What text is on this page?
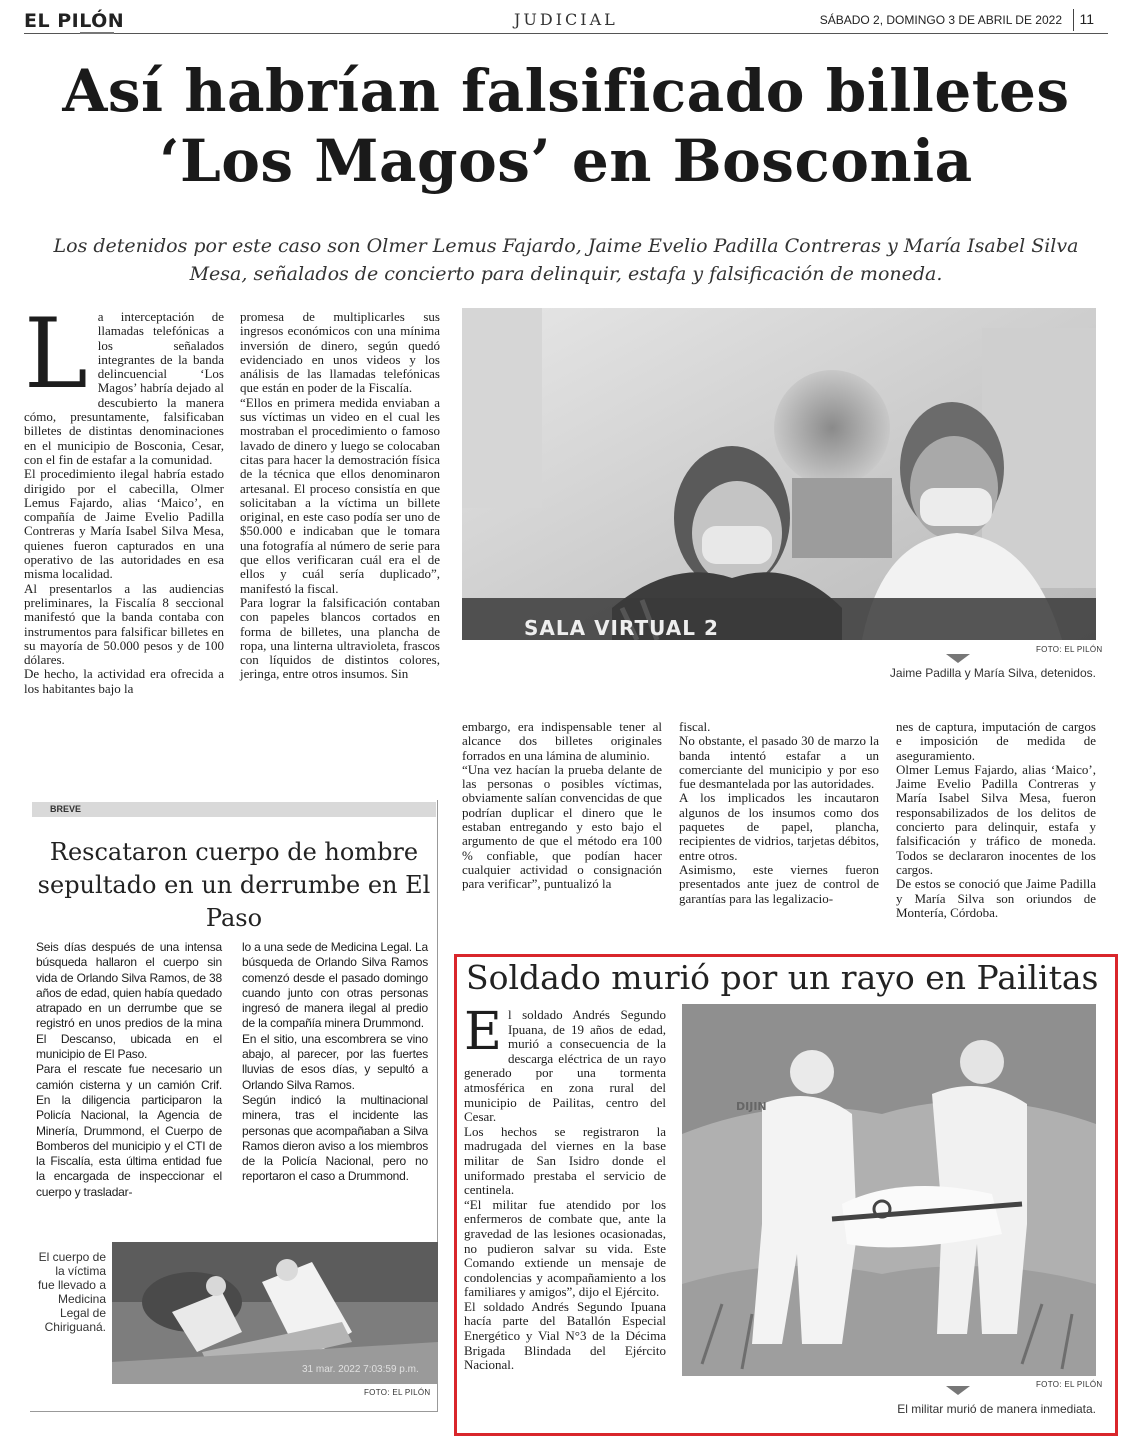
EL PILÓN	JUDICIAL	SÁBADO 2, DOMINGO 3 DE ABRIL DE 2022 11
Así habrían falsificado billetes
‘Los Magos’ en Bosconia
Los detenidos por este caso son Olmer Lemus Fajardo, Jaime Evelio Padilla Contreras y María Isabel Silva Mesa, señalados de concierto para delinquir, estafa y falsificación de moneda.
L a interceptación de llamadas telefónicas a los señalados integrantes de la banda delincuencial ‘Los Magos’ habría dejado al descubierto la manera cómo, presuntamente, falsificaban billetes de distintas denominaciones en el municipio de Bosconia, Cesar, con el fin de estafar a la comunidad.

El procedimiento ilegal habría estado dirigido por el cabecilla, Olmer Lemus Fajardo, alias ‘Maico’, en compañía de Jaime Evelio Padilla Contreras y María Isabel Silva Mesa, quienes fueron capturados en una operativo de las autoridades en esa misma localidad.

Al presentarlos a las audiencias preliminares, la Fiscalía 8 seccional manifestó que la banda contaba con instrumentos para falsificar billetes en su mayoría de 50.000 pesos y de 100 dólares.

De hecho, la actividad era ofrecida a los habitantes bajo la

promesa de multiplicarles sus ingresos económicos con una mínima inversión de dinero, según quedó evidenciado en unos videos y los análisis de las llamadas telefónicas que están en poder de la Fiscalía.

“Ellos en primera medida enviaban a sus víctimas un video en el cual les mostraban el procedimiento o famoso lavado de dinero y luego se colocaban citas para hacer la demostración física de la técnica que ellos denominaron artesanal. El proceso consistía en que solicitaban a la víctima un billete original, en este caso podía ser uno de $50.000 e indicaban que le tomara una fotografía al número de serie para que ellos verificaran cuál era el de ellos y cuál sería duplicado”, manifestó la fiscal.

Para lograr la falsificación contaban con papeles blancos cortados en forma de billetes, una plancha de ropa, una linterna ultravioleta, frascos con líquidos de distintos colores, jeringa, entre otros insumos. Sin

SALA VIRTUAL 2
FOTO: EL PILÓN
Jaime Padilla y María Silva, detenidos.

embargo, era indispensable tener al alcance dos billetes originales forrados en una lámina de aluminio.

“Una vez hacían la prueba delante de las personas o posibles víctimas, obviamente salían convencidas de que podrían duplicar el dinero que le estaban entregando y esto bajo el argumento de que el método era 100 % confiable, que podían hacer cualquier actividad o consignación para verificar”, puntualizó la

fiscal.

No obstante, el pasado 30 de marzo la banda intentó estafar a un comerciante del municipio y por eso fue desmantelada por las autoridades.

A los implicados les incautaron algunos de los insumos como dos paquetes de papel, plancha, recipientes de vidrios, tarjetas débitos, entre otros.

Asimismo, este viernes fueron presentados ante juez de control de garantías para las legalizacio-

nes de captura, imputación de cargos e imposición de medida de aseguramiento.

Olmer Lemus Fajardo, alias ‘Maico’, Jaime Evelio Padilla Contreras y María Isabel Silva Mesa, fueron responsabilizados de los delitos de concierto para delinquir, estafa y falsificación y tráfico de moneda. Todos se declararon inocentes de los cargos.

De estos se conoció que Jaime Padilla y María Silva son oriundos de Montería, Córdoba.

BREVE
Rescataron cuerpo de hombre sepultado en un derrumbe en El Paso

Seis días después de una intensa búsqueda hallaron el cuerpo sin vida de Orlando Silva Ramos, de 38 años de edad, quien había quedado atrapado en un derrumbe que se registró en unos predios de la mina El Descanso, ubicada en el municipio de El Paso.

Para el rescate fue necesario un camión cisterna y un camión Crif. En la diligencia participaron la Policía Nacional, la Agencia de Minería, Drummond, el Cuerpo de Bomberos del municipio y el CTI de la Fiscalía, esta última entidad fue la encargada de inspeccionar el cuerpo y trasladar-

lo a una sede de Medicina Legal. La búsqueda de Orlando Silva Ramos comenzó desde el pasado domingo cuando junto con otras personas ingresó de manera ilegal al predio de la compañía minera Drummond.

En el sitio, una escombrera se vino abajo, al parecer, por las fuertes lluvias de esos días, y sepultó a Orlando Silva Ramos.

Según indicó la multinacional minera, tras el incidente las personas que acompañaban a Silva Ramos dieron aviso a los miembros de la Policía Nacional, pero no reportaron el caso a Drummond.

El cuerpo de la víctima fue llevado a Medicina Legal de Chiriguaná.
31 mar. 2022 7:03:59 p.m.
FOTO: EL PILÓN
Soldado murió por un rayo en Pailitas
E l soldado Andrés Segundo Ipuana, de 19 años de edad, murió a consecuencia de la descarga eléctrica de un rayo generado por una tormenta atmosférica en zona rural del municipio de Pailitas, centro del Cesar.

Los hechos se registraron la madrugada del viernes en la base militar de San Isidro donde el uniformado prestaba el servicio de centinela.

“El militar fue atendido por los enfermeros de combate que, ante la gravedad de las lesiones ocasionadas, no pudieron salvar su vida. Este Comando extiende un mensaje de condolencias y acompañamiento a los familiares y amigos”, dijo el Ejército.

El soldado Andrés Segundo Ipuana hacía parte del Batallón Especial Energético y Vial N°3 de la Décima Brigada Blindada del Ejército Nacional.

DIJIN
FOTO: EL PILÓN
El militar murió de manera inmediata.
